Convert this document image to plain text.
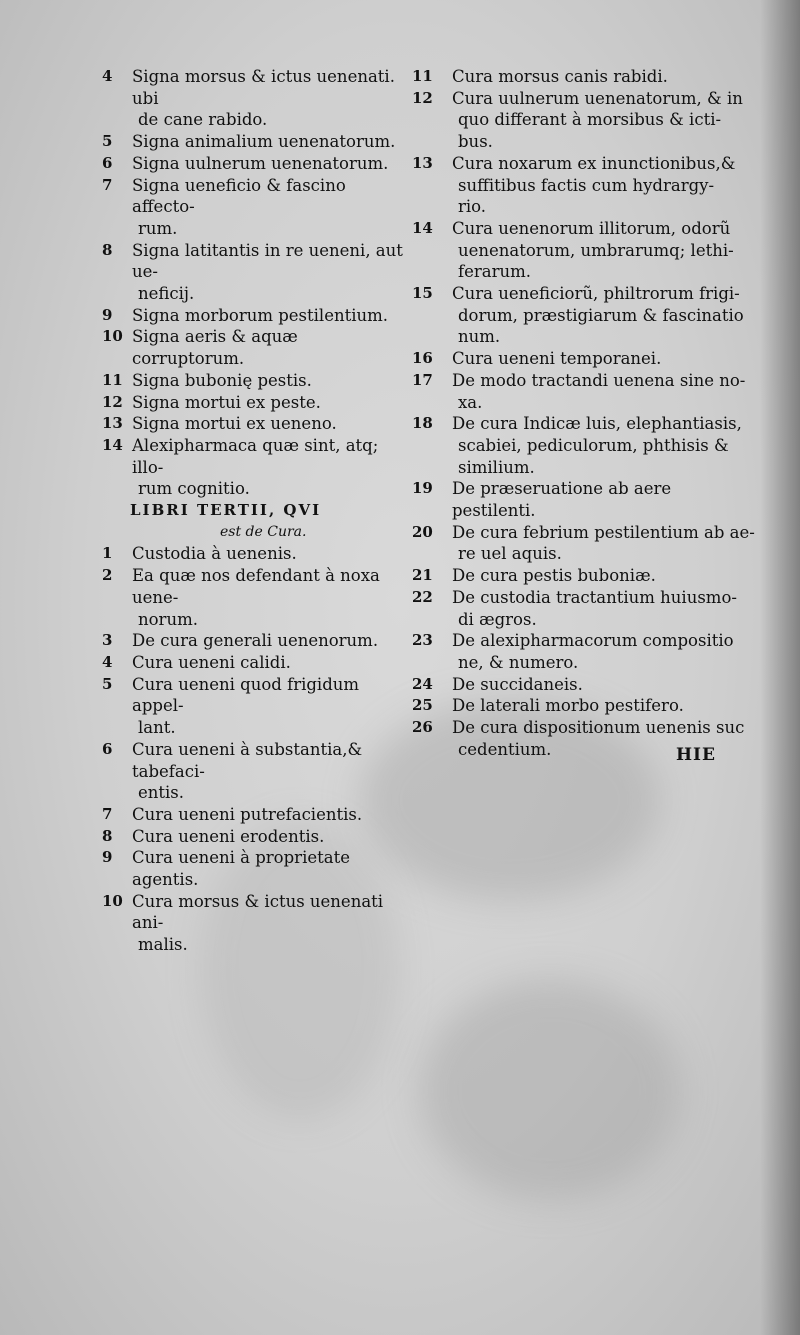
4	Signa morsus & ictus uenenati. ubi
de cane rabido.
5	Signa animalium uenenatorum.
6	Signa uulnerum uenenatorum.
7	Signa ueneficio & fascino affecto-
rum.
8	Signa latitantis in re ueneni, aut ue-
neficij.
9	Signa morborum pestilentium.
10 Signa aeris & aquæ corruptorum.
11 Signa bubonię pestis.
12 Signa mortui ex peste.
13 Signa mortui ex ueneno.
14 Alexipharmaca quæ sint, atq; illo-
rum cognitio.
LIBRI TERTII, QVI
est de Cura.
1	Custodia à uenenis.
2	Ea quæ nos defendant à noxa uene-
norum.
3	De cura generali uenenorum.
4	Cura ueneni calidi.
5	Cura ueneni quod frigidum appel-
lant.
6	Cura ueneni à substantia,& tabefaci-
entis.
7	Cura ueneni putrefacientis.
8	Cura ueneni erodentis.
9	Cura ueneni à proprietate agentis.
10 Cura morsus & ictus uenenati ani-
malis.
11	Cura morsus canis rabidi.
12	Cura uulnerum uenenatorum, & in
quo differant à morsibus & icti-
bus.
13	Cura noxarum ex inunctionibus,&
suffitibus factis cum hydrargy-
rio.
14	Cura uenenorum illitorum, odorũ
uenenatorum, umbrarumq; lethi-
ferarum.
15	Cura ueneficiorũ, philtrorum frigi-
dorum, præstigiarum & fascinatio
num.
16	Cura ueneni temporanei.
17	De modo tractandi uenena sine no-
xa.
18	De cura Indicæ luis, elephantiasis,
scabiei, pediculorum, phthisis &
similium.
19	De præseruatione ab aere pestilenti.
20	De cura febrium pestilentium ab ae-
re uel aquis.
21	De cura pestis buboniæ.
22	De custodia tractantium huiusmo-
di ægros.
23	De alexipharmacorum compositio
ne, & numero.
24	De succidaneis.
25	De laterali morbo pestifero.
26	De cura dispositionum uenenis suc
cedentium.	HIE
